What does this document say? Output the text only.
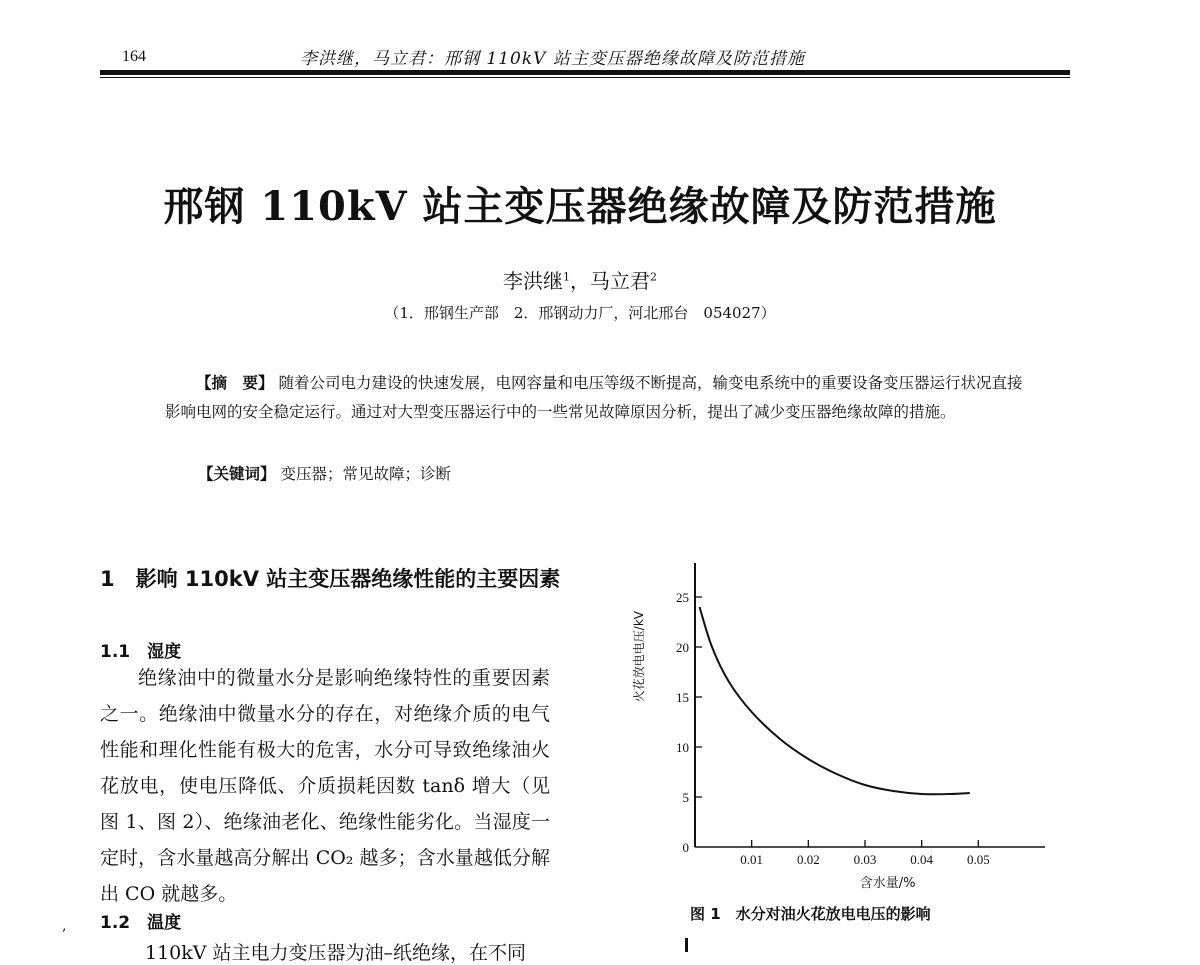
164	李洪继，马立君：邢钢 110kV 站主变压器绝缘故障及防范措施
邢钢 110kV 站主变压器绝缘故障及防范措施
李洪继$^1$，马立君$^2$
（1．邢钢生产部　2．邢钢动力厂，河北邢台　054027）
【摘　要】 随着公司电力建设的快速发展，电网容量和电压等级不断提高，输变电系统中的重要设备变压器运行状况直接影响电网的安全稳定运行。通过对大型变压器运行中的一些常见故障原因分析，提出了减少变压器绝缘故障的措施。
【关键词】 变压器；常见故障；诊断
1　影响 110kV 站主变压器绝缘性能的主要因素
1.1　湿度
绝缘油中的微量水分是影响绝缘特性的重要因素之一。绝缘油中微量水分的存在，对绝缘介质的电气性能和理化性能有极大的危害，水分可导致绝缘油火花放电，使电压降低、介质损耗因数 tanδ 增大（见图 1、图 2）、绝缘油老化、绝缘性能劣化。当湿度一定时，含水量越高分解出 CO₂ 越多；含水量越低分解出 CO 就越多。
, 1.2　温度
110kV 站主电力变压器为油–纸绝缘，在不同
0
5
10
15
20
25
0.01	0.02	0.03	0.04	0.05
火花放电电压/kV
含水量/%
图 1　水分对油火花放电电压的影响
